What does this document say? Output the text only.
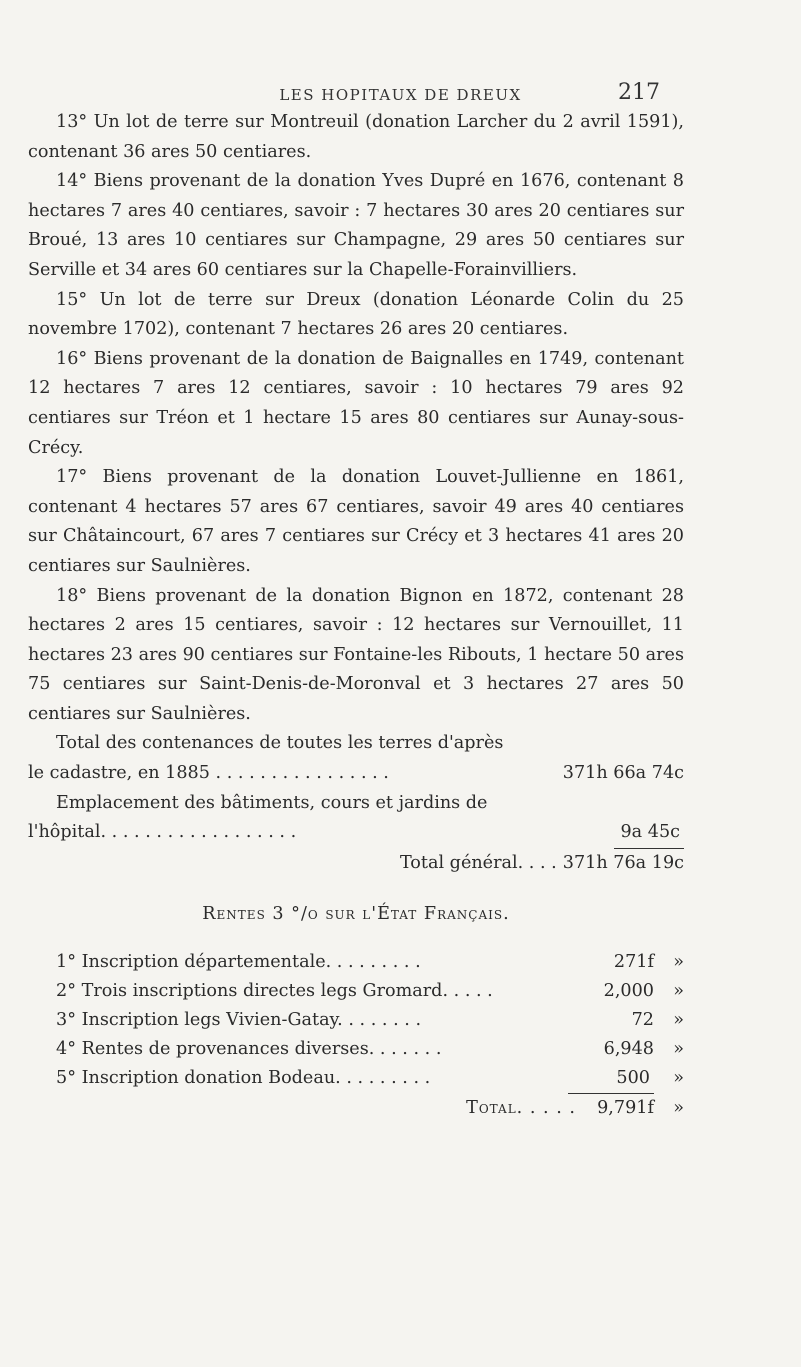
LES HOPITAUX DE DREUX	217

13° Un lot de terre sur Montreuil (donation Larcher du 2 avril 1591), contenant 36 ares 50 centiares.

14° Biens provenant de la donation Yves Dupré en 1676, contenant 8 hectares 7 ares 40 centiares, savoir : 7 hectares 30 ares 20 centiares sur Broué, 13 ares 10 centiares sur Champagne, 29 ares 50 centiares sur Serville et 34 ares 60 centiares sur la Chapelle-Forainvilliers.

15° Un lot de terre sur Dreux (donation Léonarde Colin du 25 novembre 1702), contenant 7 hectares 26 ares 20 centiares.

16° Biens provenant de la donation de Baignalles en 1749, contenant 12 hectares 7 ares 12 centiares, savoir : 10 hectares 79 ares 92 centiares sur Tréon et 1 hectare 15 ares 80 centiares sur Aunay-sous-Crécy.

17° Biens provenant de la donation Louvet-Jullienne en 1861, contenant 4 hectares 57 ares 67 centiares, savoir 49 ares 40 centiares sur Châtaincourt, 67 ares 7 centiares sur Crécy et 3 hectares 41 ares 20 centiares sur Saulnières.

18° Biens provenant de la donation Bignon en 1872, contenant 28 hectares 2 ares 15 centiares, savoir : 12 hectares sur Vernouillet, 11 hectares 23 ares 90 centiares sur Fontaine-les Ribouts, 1 hectare 50 ares 75 centiares sur Saint-Denis-de-Moronval et 3 hectares 27 ares 50 centiares sur Saulnières.

Total des contenances de toutes les terres d'après
le cadastre, en 1885 . . . . . . . . . . . . . . . .	371h 66a 74c
Emplacement des bâtiments, cours et jardins de
l'hôpital. . . . . . . . . . . . . . . . . .	9a 45c
Total général. . . . 371h 76a 19c
Rentes 3 °/o sur l'État Français.
1° Inscription départementale. . . . . . . . .	271f	»
2° Trois inscriptions directes legs Gromard. . . . .	2,000	»
3° Inscription legs Vivien-Gatay. . . . . . . .	72	»
4° Rentes de provenances diverses. . . . . . .	6,948	»
5° Inscription donation Bodeau. . . . . . . . .	500	»
Total. . . . .	9,791f	»
